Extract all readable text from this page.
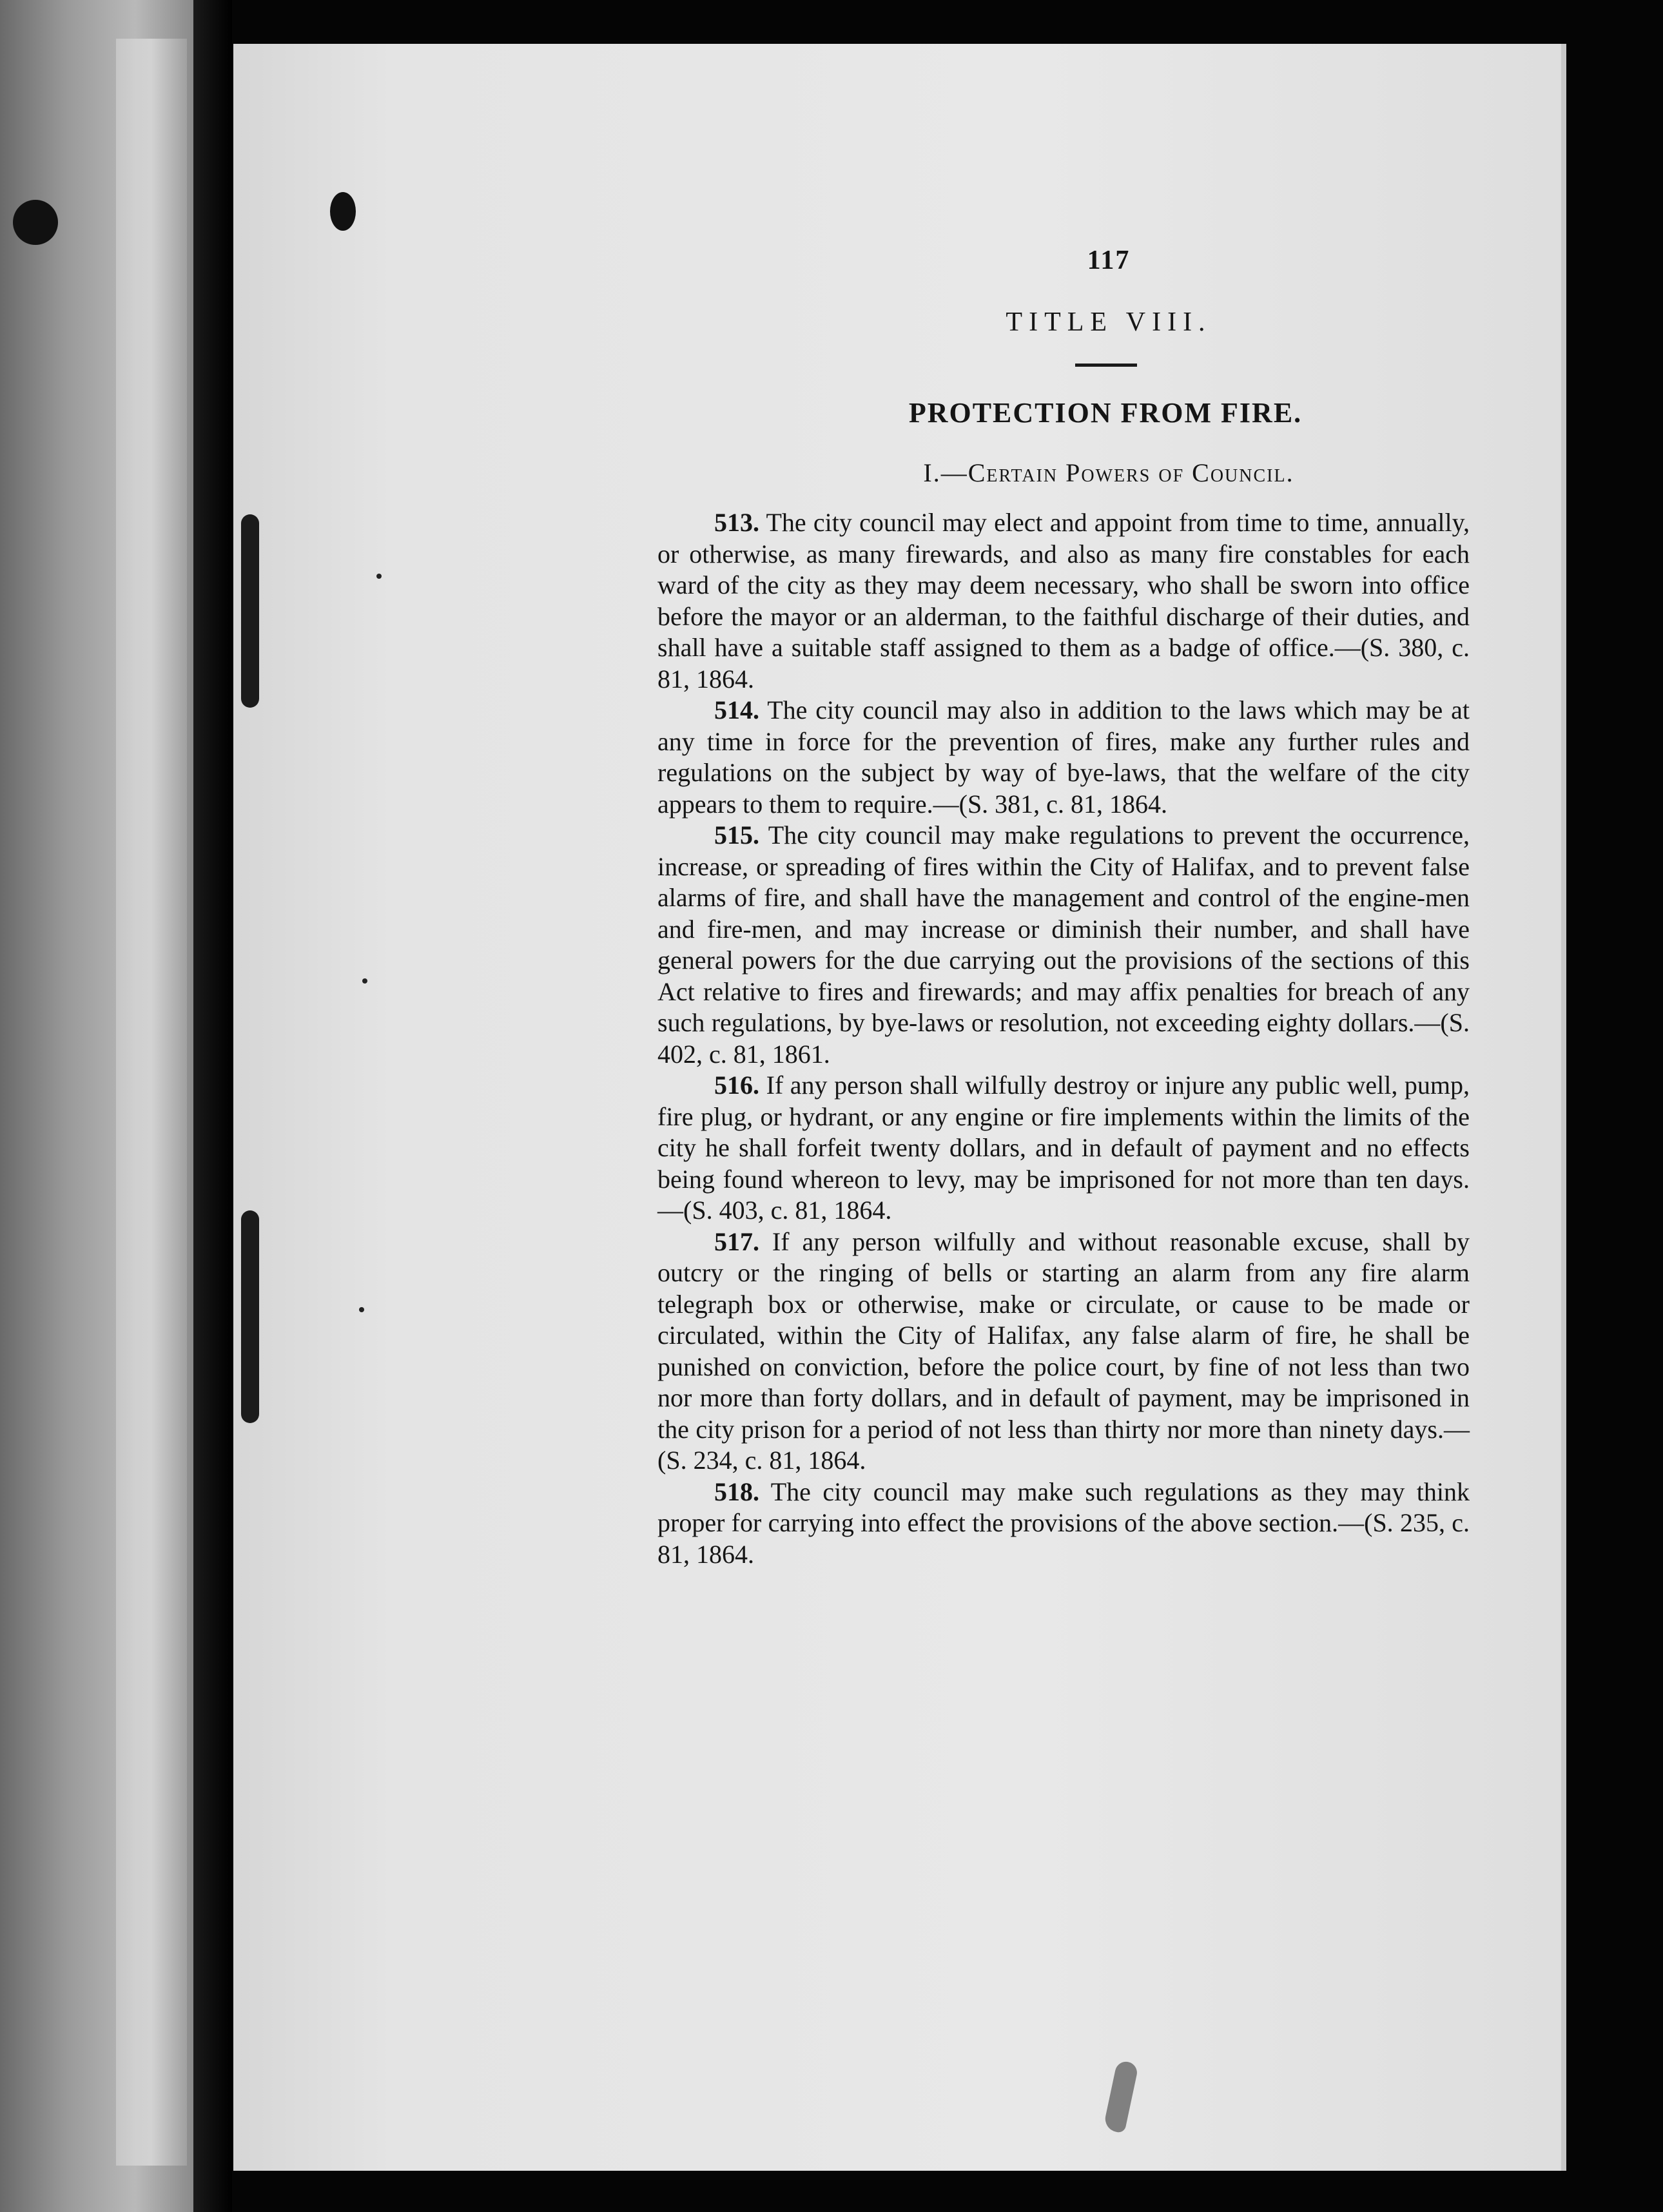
117
TITLE VIII.
PROTECTION FROM FIRE.
I.—Certain Powers of Council.

513. The city council may elect and appoint from time to time, annually, or otherwise, as many firewards, and also as many fire constables for each ward of the city as they may deem necessary, who shall be sworn into office before the mayor or an alderman, to the faithful discharge of their duties, and shall have a suitable staff assigned to them as a badge of office.—(S. 380, c. 81, 1864.

514. The city council may also in addition to the laws which may be at any time in force for the prevention of fires, make any further rules and regulations on the subject by way of bye-laws, that the welfare of the city appears to them to require.—(S. 381, c. 81, 1864.

515. The city council may make regulations to prevent the occurrence, increase, or spreading of fires within the City of Halifax, and to prevent false alarms of fire, and shall have the management and control of the engine-men and fire-men, and may increase or diminish their number, and shall have general powers for the due carrying out the provisions of the sections of this Act relative to fires and firewards; and may affix penalties for breach of any such regulations, by bye-laws or resolution, not exceeding eighty dollars.—(S. 402, c. 81, 1861.

516. If any person shall wilfully destroy or injure any public well, pump, fire plug, or hydrant, or any engine or fire implements within the limits of the city he shall forfeit twenty dollars, and in default of payment and no effects being found whereon to levy, may be imprisoned for not more than ten days.—(S. 403, c. 81, 1864.

517. If any person wilfully and without reasonable excuse, shall by outcry or the ringing of bells or starting an alarm from any fire alarm telegraph box or otherwise, make or circulate, or cause to be made or circulated, within the City of Halifax, any false alarm of fire, he shall be punished on conviction, before the police court, by fine of not less than two nor more than forty dollars, and in default of payment, may be imprisoned in the city prison for a period of not less than thirty nor more than ninety days.—(S. 234, c. 81, 1864.

518. The city council may make such regulations as they may think proper for carrying into effect the provisions of the above section.—(S. 235, c. 81, 1864.
